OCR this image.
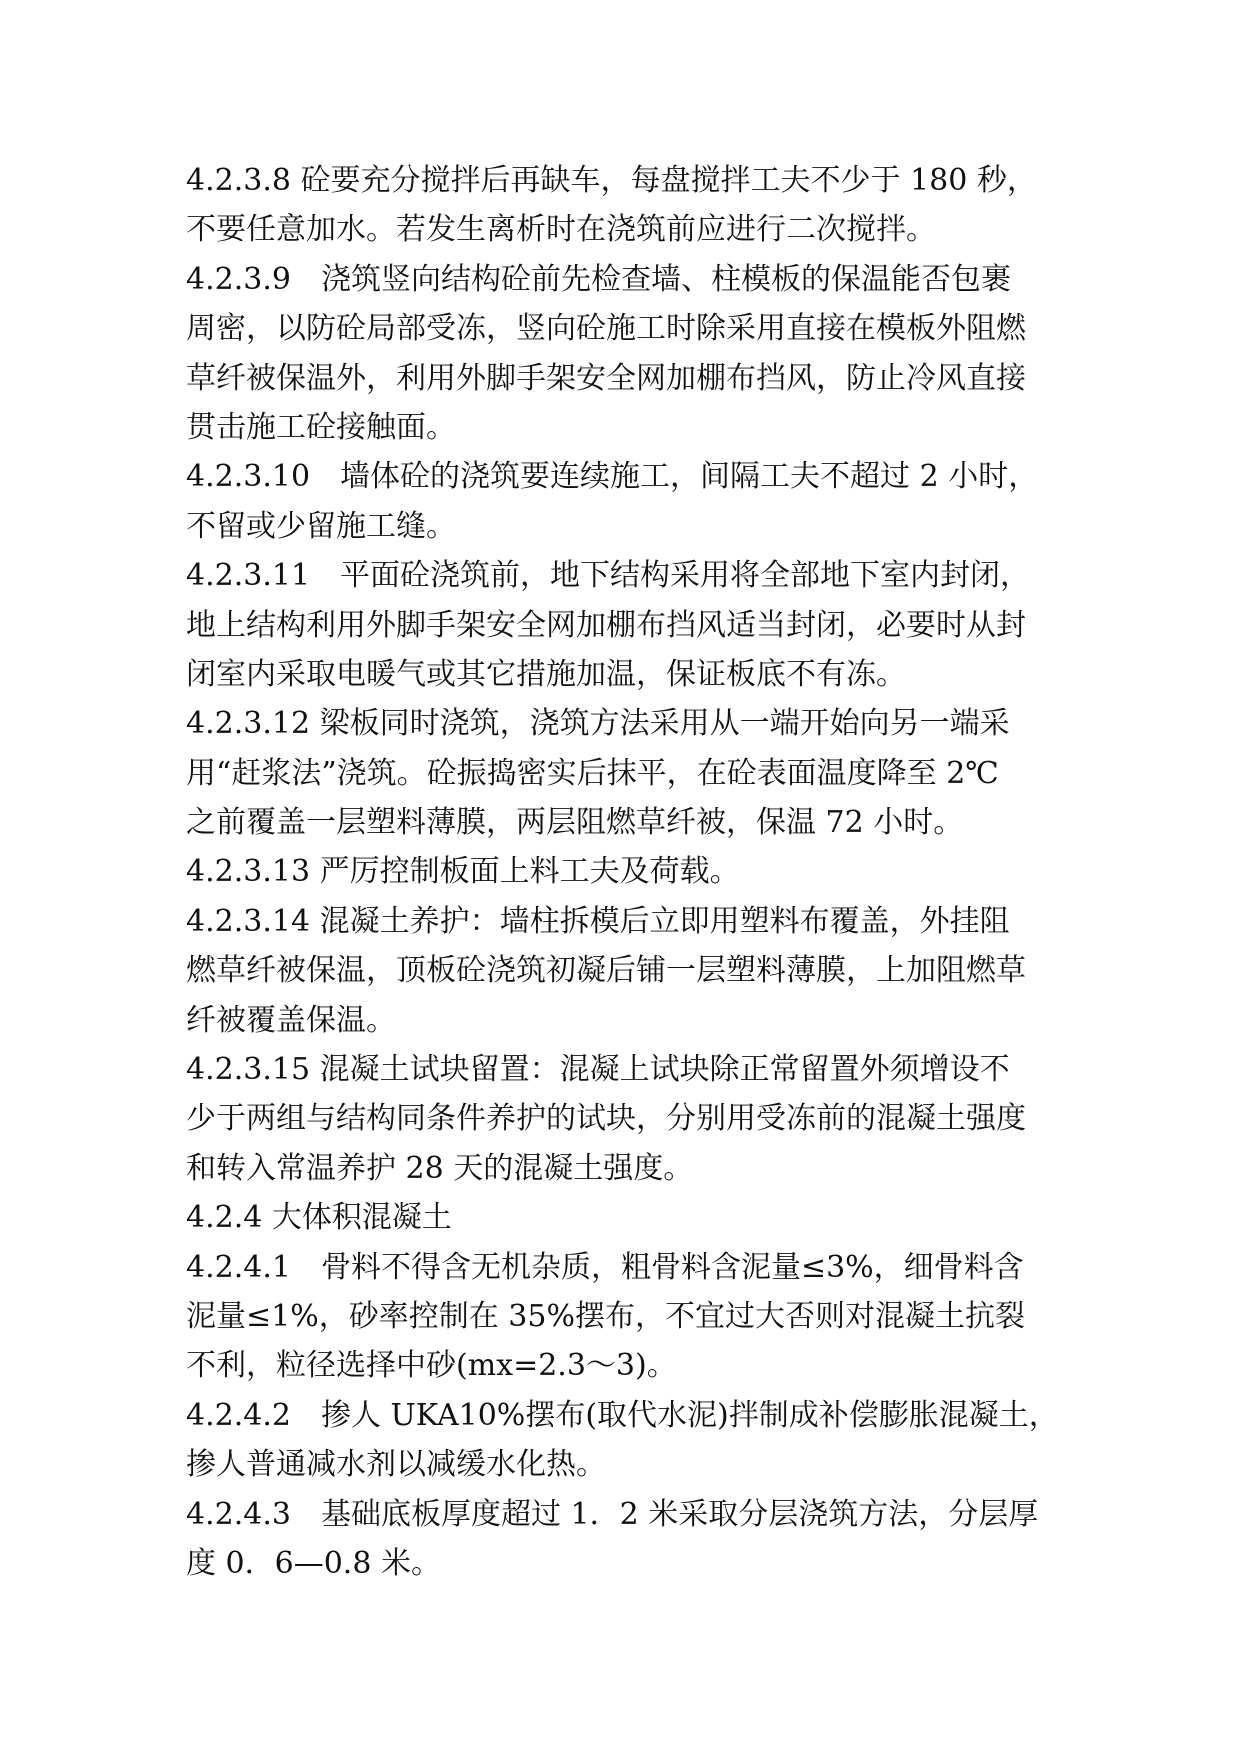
4.2.3.8 砼要充分搅拌后再缺车，每盘搅拌工夫不少于 180 秒，
不要任意加水。若发生离析时在浇筑前应进行二次搅拌。
4.2.3.9　浇筑竖向结构砼前先检查墙、柱模板的保温能否包裹
周密，以防砼局部受冻，竖向砼施工时除采用直接在模板外阻燃
草纤被保温外，利用外脚手架安全网加棚布挡风，防止冷风直接
贯击施工砼接触面。
4.2.3.10　墙体砼的浇筑要连续施工，间隔工夫不超过 2 小时，
不留或少留施工缝。
4.2.3.11　平面砼浇筑前，地下结构采用将全部地下室内封闭，
地上结构利用外脚手架安全网加棚布挡风适当封闭，必要时从封
闭室内采取电暖气或其它措施加温，保证板底不有冻。
4.2.3.12 梁板同时浇筑，浇筑方法采用从一端开始向另一端采
用“赶浆法”浇筑。砼振捣密实后抹平，在砼表面温度降至 2℃
之前覆盖一层塑料薄膜，两层阻燃草纤被，保温 72 小时。
4.2.3.13 严厉控制板面上料工夫及荷载。
4.2.3.14 混凝土养护：墙柱拆模后立即用塑料布覆盖，外挂阻
燃草纤被保温，顶板砼浇筑初凝后铺一层塑料薄膜，上加阻燃草
纤被覆盖保温。
4.2.3.15 混凝土试块留置：混凝上试块除正常留置外须增设不
少于两组与结构同条件养护的试块，分别用受冻前的混凝土强度
和转入常温养护 28 天的混凝土强度。
4.2.4 大体积混凝土
4.2.4.1　骨料不得含无机杂质，粗骨料含泥量≤3%，细骨料含
泥量≤1%，砂率控制在 35%摆布，不宜过大否则对混凝土抗裂
不利，粒径选择中砂(mx=2.3～3)。
4.2.4.2　掺人 UKA10%摆布(取代水泥)拌制成补偿膨胀混凝土，
掺人普通减水剂以减缓水化热。
4.2.4.3　基础底板厚度超过 1．2 米采取分层浇筑方法，分层厚
度 0．6—0.8 米。
